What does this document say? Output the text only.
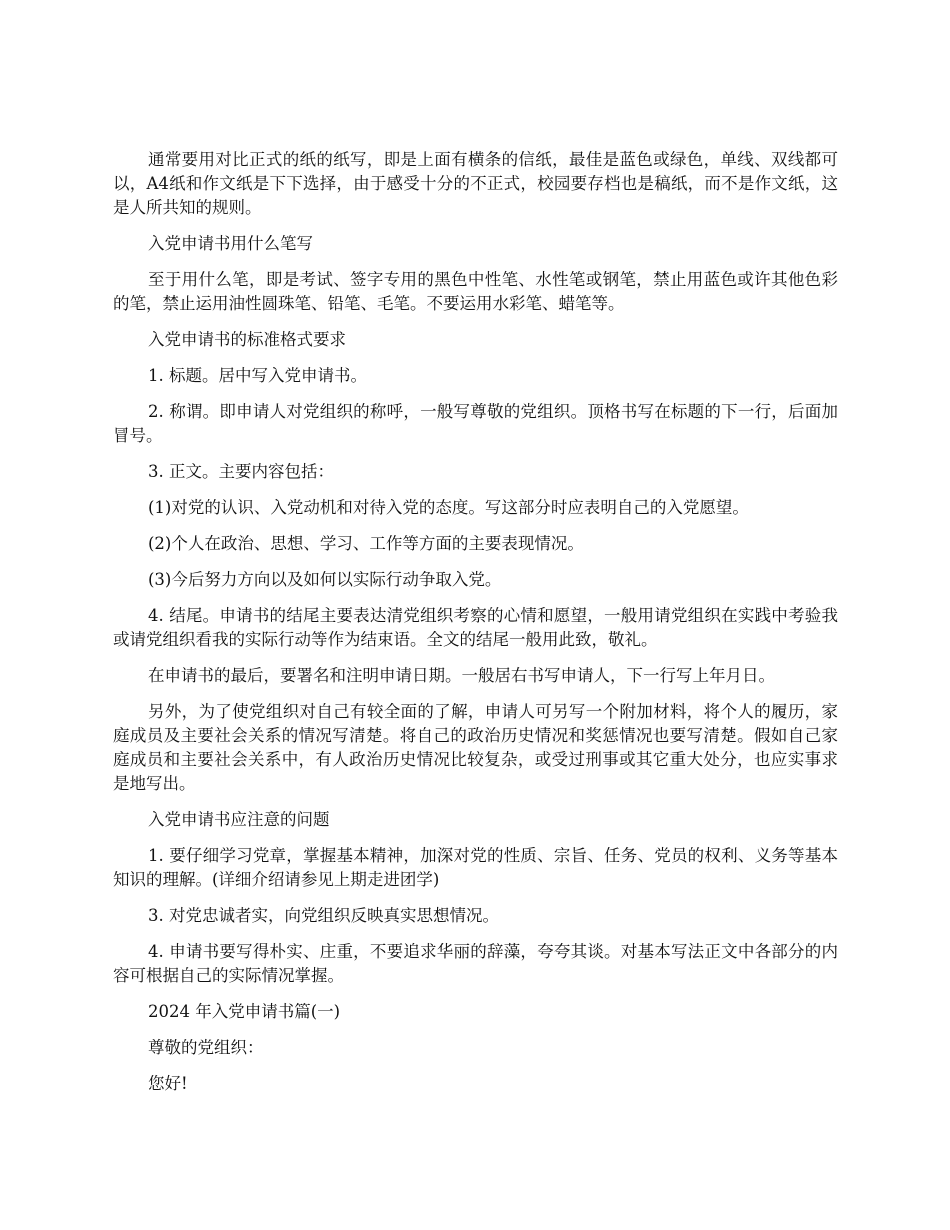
通常要用对比正式的纸的纸写，即是上面有横条的信纸，最佳是蓝色或绿色，单线、双线都可以，A4纸和作文纸是下下选择，由于感受十分的不正式，校园要存档也是稿纸，而不是作文纸，这是人所共知的规则。

入党申请书用什么笔写

至于用什么笔，即是考试、签字专用的黑色中性笔、水性笔或钢笔，禁止用蓝色或许其他色彩的笔，禁止运用油性圆珠笔、铅笔、毛笔。不要运用水彩笔、蜡笔等。

入党申请书的标准格式要求

1. 标题。居中写入党申请书。

2. 称谓。即申请人对党组织的称呼，一般写尊敬的党组织。顶格书写在标题的下一行，后面加冒号。

3. 正文。主要内容包括：

(1)对党的认识、入党动机和对待入党的态度。写这部分时应表明自己的入党愿望。

(2)个人在政治、思想、学习、工作等方面的主要表现情况。

(3)今后努力方向以及如何以实际行动争取入党。

4. 结尾。申请书的结尾主要表达清党组织考察的心情和愿望，一般用请党组织在实践中考验我或请党组织看我的实际行动等作为结束语。全文的结尾一般用此致，敬礼。

在申请书的最后，要署名和注明申请日期。一般居右书写申请人，下一行写上年月日。

另外，为了使党组织对自己有较全面的了解，申请人可另写一个附加材料，将个人的履历，家庭成员及主要社会关系的情况写清楚。将自己的政治历史情况和奖惩情况也要写清楚。假如自己家庭成员和主要社会关系中，有人政治历史情况比较复杂，或受过刑事或其它重大处分，也应实事求是地写出。

入党申请书应注意的问题

1. 要仔细学习党章，掌握基本精神，加深对党的性质、宗旨、任务、党员的权利、义务等基本知识的理解。(详细介绍请参见上期走进团学)

3. 对党忠诚者实，向党组织反映真实思想情况。

4. 申请书要写得朴实、庄重，不要追求华丽的辞藻，夸夸其谈。对基本写法正文中各部分的内容可根据自己的实际情况掌握。

2024 年入党申请书篇(一)

尊敬的党组织：

您好!
